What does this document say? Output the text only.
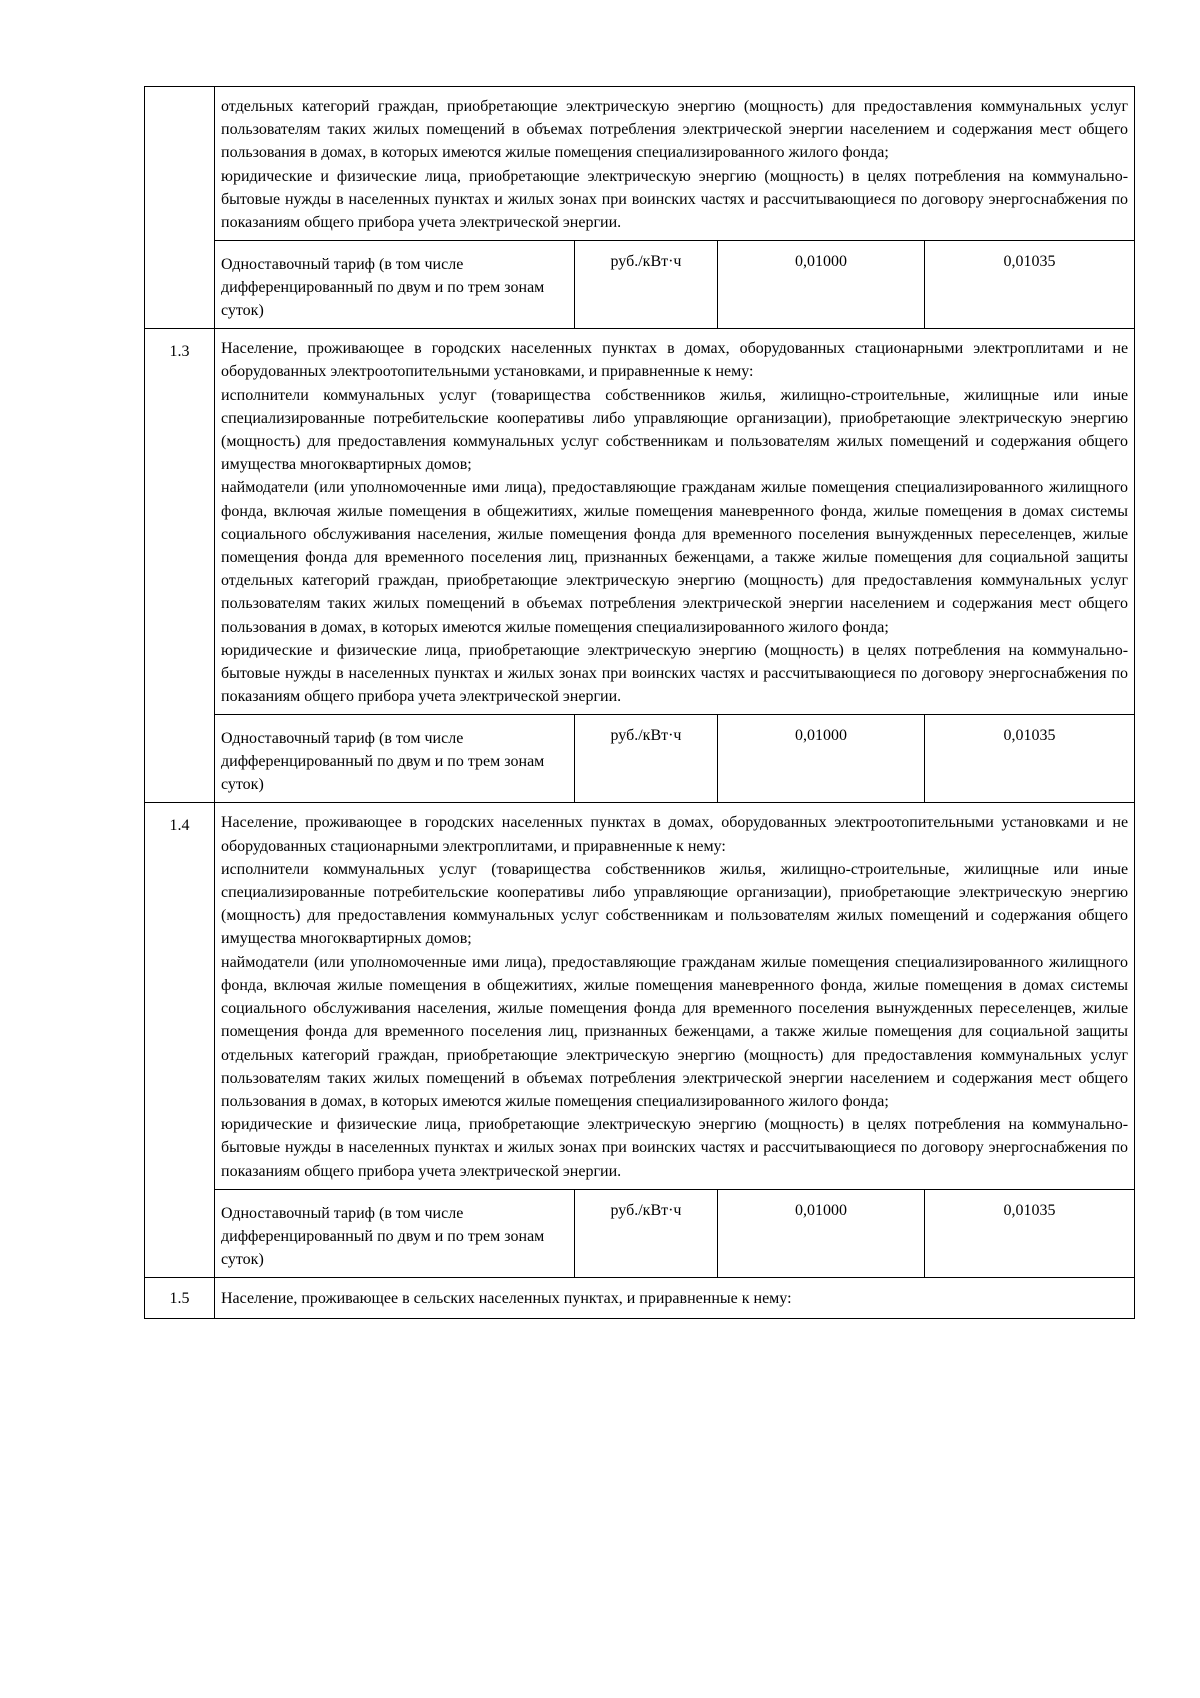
	отдельных категорий граждан, приобретающие электрическую энергию (мощность) для предоставления коммунальных услуг пользователям таких жилых помещений в объемах потребления электрической энергии населением и содержания мест общего пользования в домах, в которых имеются жилые помещения специализированного жилого фонда;

юридические и физические лица, приобретающие электрическую энергию (мощность) в целях потребления на коммунально-бытовые нужды в населенных пунктах и жилых зонах при воинских частях и рассчитывающиеся по договору энергоснабжения по показаниям общего прибора учета электрической энергии.			

	Одноставочный тариф (в том числе дифференцированный по двум и по трем зонам суток)	руб./кВт·ч	0,01000	0,01035
1.3	Население, проживающее в городских населенных пунктах в домах, оборудованных стационарными электроплитами и не оборудованных электроотопительными установками, и приравненные к нему:

исполнители коммунальных услуг (товарищества собственников жилья, жилищно-строительные, жилищные или иные специализированные потребительские кооперативы либо управляющие организации), приобретающие электрическую энергию (мощность) для предоставления коммунальных услуг собственникам и пользователям жилых помещений и содержания общего имущества многоквартирных домов;

наймодатели (или уполномоченные ими лица), предоставляющие гражданам жилые помещения специализированного жилищного фонда, включая жилые помещения в общежитиях, жилые помещения маневренного фонда, жилые помещения в домах системы социального обслуживания населения, жилые помещения фонда для временного поселения вынужденных переселенцев, жилые помещения фонда для временного поселения лиц, признанных беженцами, а также жилые помещения для социальной защиты отдельных категорий граждан, приобретающие электрическую энергию (мощность) для предоставления коммунальных услуг пользователям таких жилых помещений в объемах потребления электрической энергии населением и содержания мест общего пользования в домах, в которых имеются жилые помещения специализированного жилого фонда;

юридические и физические лица, приобретающие электрическую энергию (мощность) в целях потребления на коммунально-бытовые нужды в населенных пунктах и жилых зонах при воинских частях и рассчитывающиеся по договору энергоснабжения по показаниям общего прибора учета электрической энергии.			

	Одноставочный тариф (в том числе дифференцированный по двум и по трем зонам суток)	руб./кВт·ч	0,01000	0,01035
1.4	Население, проживающее в городских населенных пунктах в домах, оборудованных электроотопительными установками и не оборудованных стационарными электроплитами, и приравненные к нему:

исполнители коммунальных услуг (товарищества собственников жилья, жилищно-строительные, жилищные или иные специализированные потребительские кооперативы либо управляющие организации), приобретающие электрическую энергию (мощность) для предоставления коммунальных услуг собственникам и пользователям жилых помещений и содержания общего имущества многоквартирных домов;

наймодатели (или уполномоченные ими лица), предоставляющие гражданам жилые помещения специализированного жилищного фонда, включая жилые помещения в общежитиях, жилые помещения маневренного фонда, жилые помещения в домах системы социального обслуживания населения, жилые помещения фонда для временного поселения вынужденных переселенцев, жилые помещения фонда для временного поселения лиц, признанных беженцами, а также жилые помещения для социальной защиты отдельных категорий граждан, приобретающие электрическую энергию (мощность) для предоставления коммунальных услуг пользователям таких жилых помещений в объемах потребления электрической энергии населением и содержания мест общего пользования в домах, в которых имеются жилые помещения специализированного жилого фонда;

юридические и физические лица, приобретающие электрическую энергию (мощность) в целях потребления на коммунально-бытовые нужды в населенных пунктах и жилых зонах при воинских частях и рассчитывающиеся по договору энергоснабжения по показаниям общего прибора учета электрической энергии.			

	Одноставочный тариф (в том числе дифференцированный по двум и по трем зонам суток)	руб./кВт·ч	0,01000	0,01035
1.5	Население, проживающее в сельских населенных пунктах, и приравненные к нему:			
